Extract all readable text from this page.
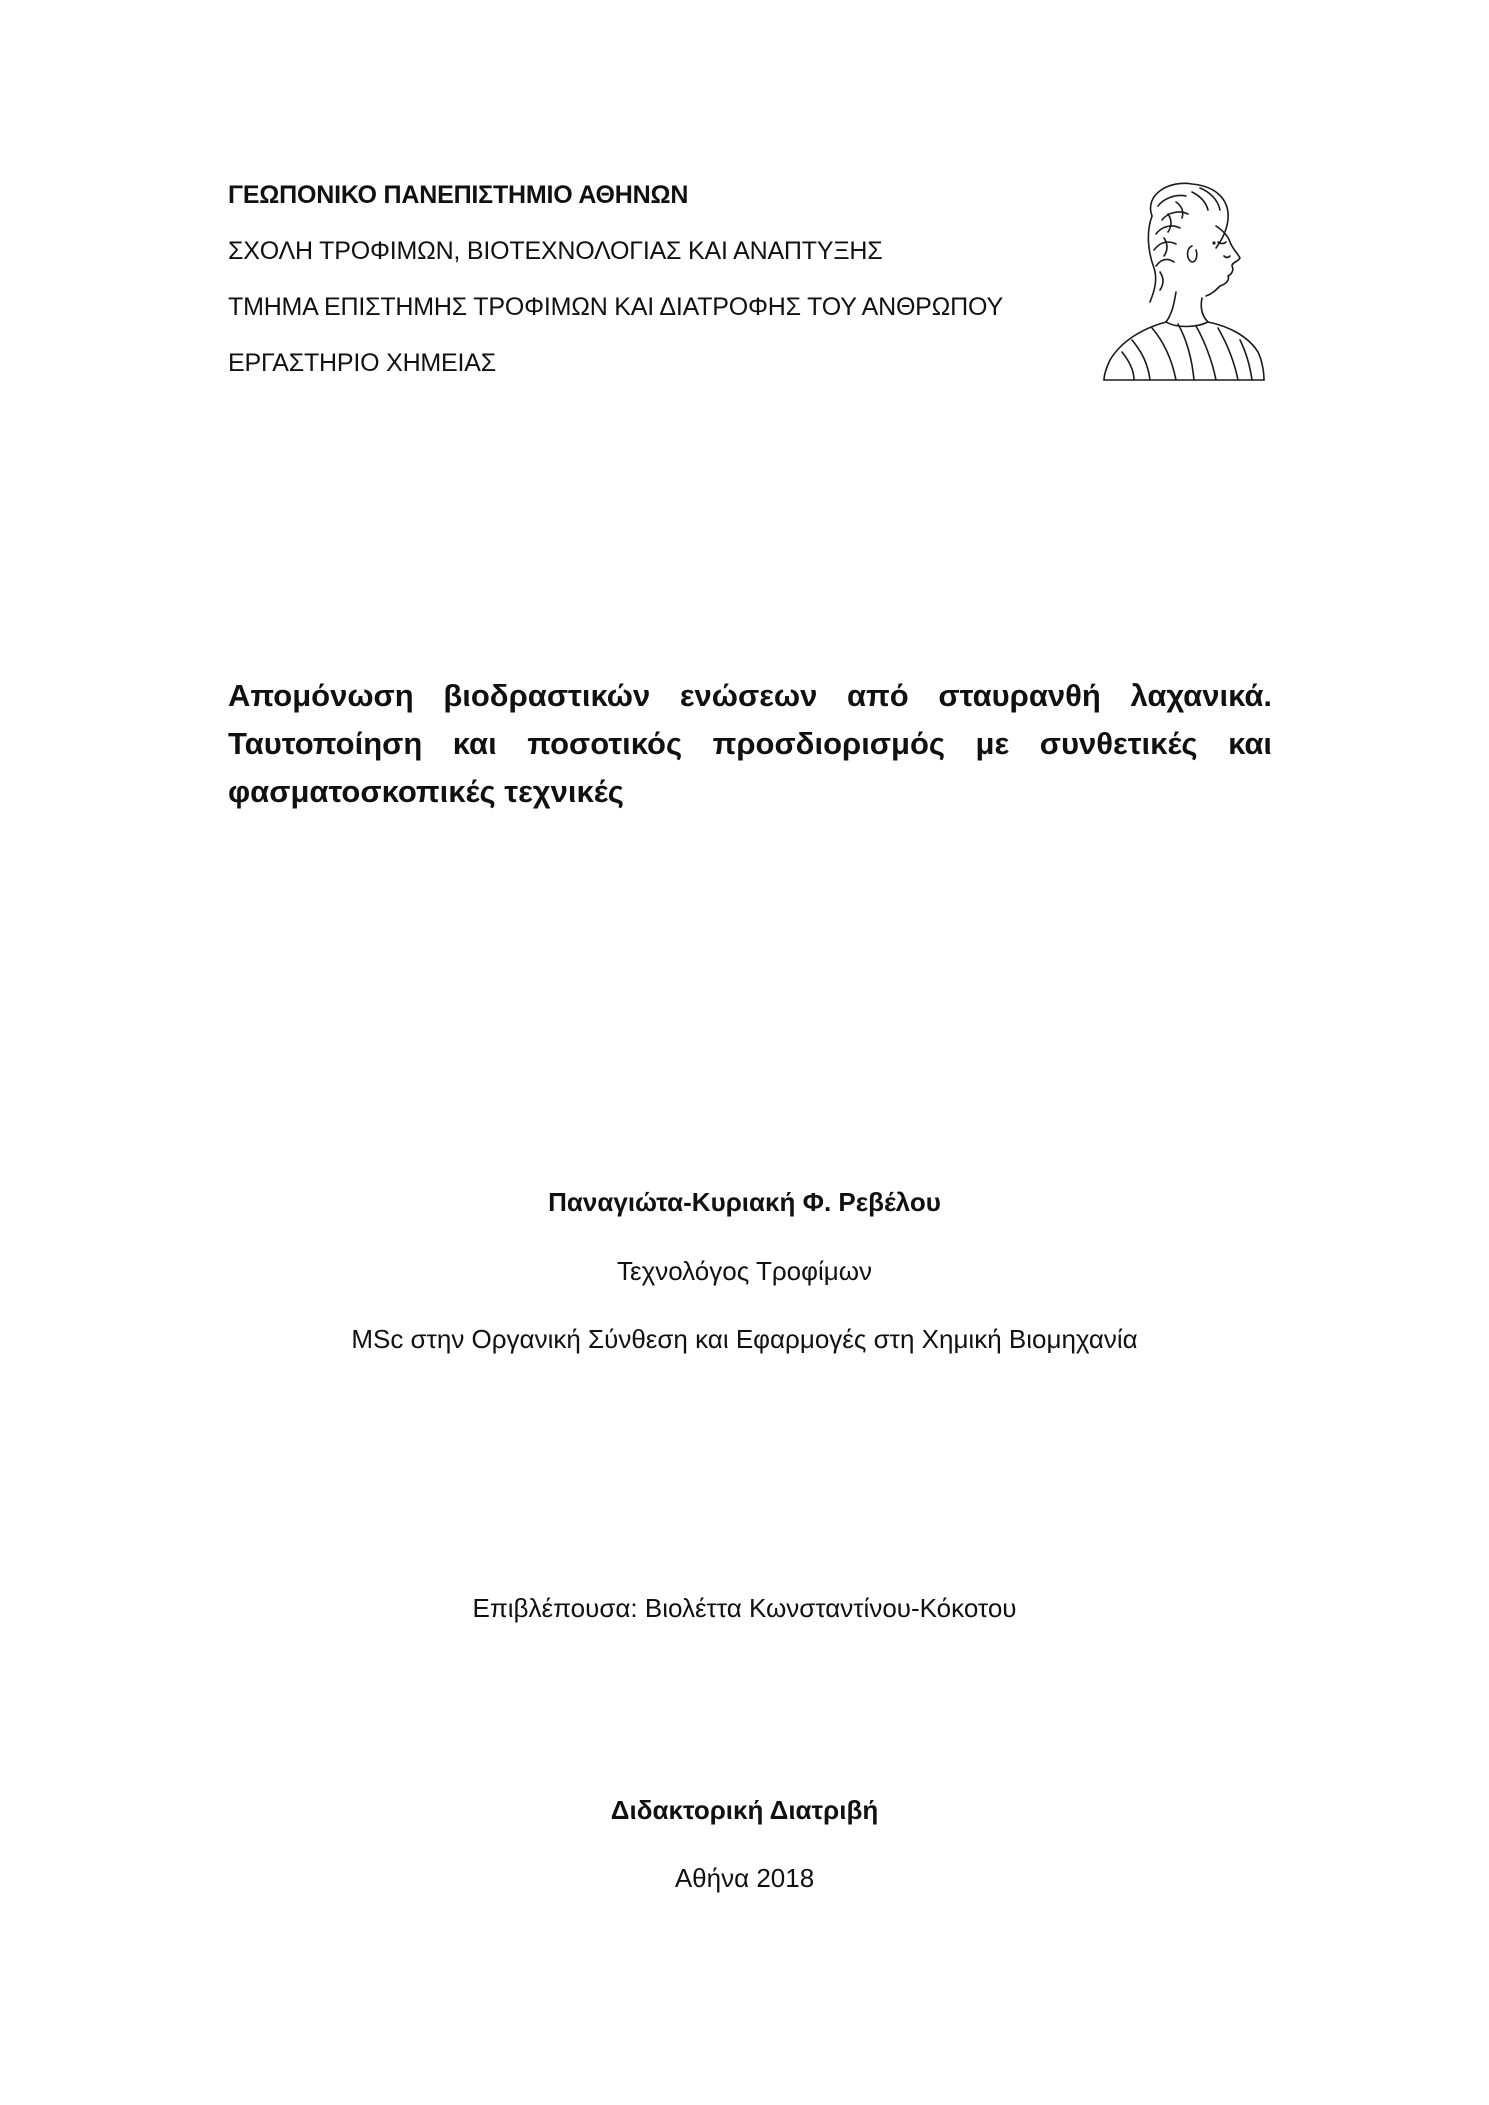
ΓΕΩΠΟΝΙΚΟ ΠΑΝΕΠΙΣΤΗΜΙΟ ΑΘΗΝΩΝ
ΣΧΟΛΗ ΤΡΟΦΙΜΩΝ, ΒΙΟΤΕΧΝΟΛΟΓΙΑΣ ΚΑΙ ΑΝΑΠΤΥΞΗΣ
ΤΜΗΜΑ ΕΠΙΣΤΗΜΗΣ ΤΡΟΦΙΜΩΝ ΚΑΙ ΔΙΑΤΡΟΦΗΣ ΤΟΥ ΑΝΘΡΩΠΟΥ
ΕΡΓΑΣΤΗΡΙΟ ΧΗΜΕΙΑΣ
Απομόνωση βιοδραστικών ενώσεων από σταυρανθή λαχανικά.
Ταυτοποίηση και ποσοτικός προσδιορισμός με συνθετικές και
φασματοσκοπικές τεχνικές
Παναγιώτα-Κυριακή Φ. Ρεβέλου
Τεχνολόγος Τροφίμων
MSc στην Οργανική Σύνθεση και Εφαρμογές στη Χημική Βιομηχανία
Επιβλέπουσα: Βιολέττα Κωνσταντίνου-Κόκοτου
Διδακτορική Διατριβή
Αθήνα 2018
